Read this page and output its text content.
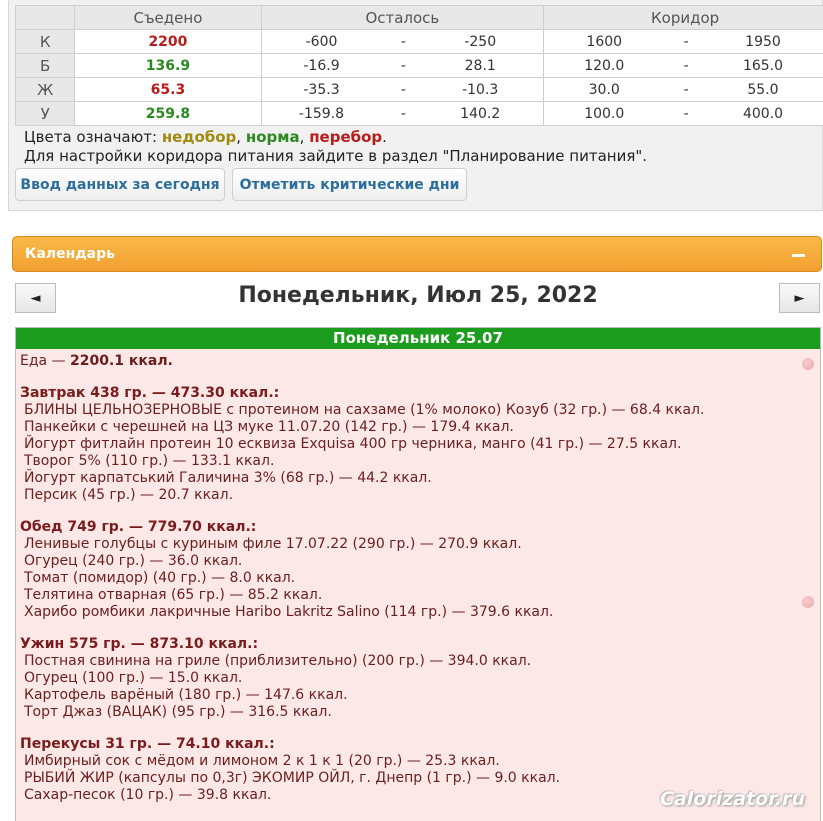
	Съедено	Осталось	Коридор
К	2200	-600 - -250	1600 - 1950

Б	136.9	-16.9 - 28.1	120.0 - 165.0

Ж	65.3	-35.3 - -10.3	30.0 - 55.0

У	259.8	-159.8 - 140.2	100.0 - 400.0
Цвета означают: недобор, норма, перебор.
Для настройки коридора питания зайдите в раздел "Планирование питания".
Ввод данных за сегодня	Отметить критические дни
Календарь
◄	Понедельник, Июл 25, 2022	►
Понедельник 25.07
Еда — 2200.1 ккал.
Завтрак 438 гр. — 473.30 ккал.:
БЛИНЫ ЦЕЛЬНОЗЕРНОВЫЕ с протеином на сахзаме (1% молоко) Козуб (32 гр.) — 68.4 ккал.
Панкейки с черешней на ЦЗ муке 11.07.20 (142 гр.) — 179.4 ккал.
Йогурт фитлайн протеин 10 есквиза Exquisa 400 гр черника, манго (41 гр.) — 27.5 ккал.
Творог 5% (110 гр.) — 133.1 ккал.
Йогурт карпатський Галичина 3% (68 гр.) — 44.2 ккал.
Персик (45 гр.) — 20.7 ккал.
Обед 749 гр. — 779.70 ккал.:
Ленивые голубцы с куриным филе 17.07.22 (290 гр.) — 270.9 ккал.
Огурец (240 гр.) — 36.0 ккал.
Томат (помидор) (40 гр.) — 8.0 ккал.
Телятина отварная (65 гр.) — 85.2 ккал.
Харибо ромбики лакричные Haribo Lakritz Salino (114 гр.) — 379.6 ккал.
Ужин 575 гр. — 873.10 ккал.:
Постная свинина на гриле (приблизительно) (200 гр.) — 394.0 ккал.
Огурец (100 гр.) — 15.0 ккал.
Картофель варёный (180 гр.) — 147.6 ккал.
Торт Джаз (ВАЦАК) (95 гр.) — 316.5 ккал.
Перекусы 31 гр. — 74.10 ккал.:
Имбирный сок с мёдом и лимоном 2 к 1 к 1 (20 гр.) — 25.3 ккал.
РЫБИЙ ЖИР (капсулы по 0,3г) ЭКОМИР ОЙЛ, г. Днепр (1 гр.) — 9.0 ккал.
Сахар-песок (10 гр.) — 39.8 ккал.	Calorizator.ru
